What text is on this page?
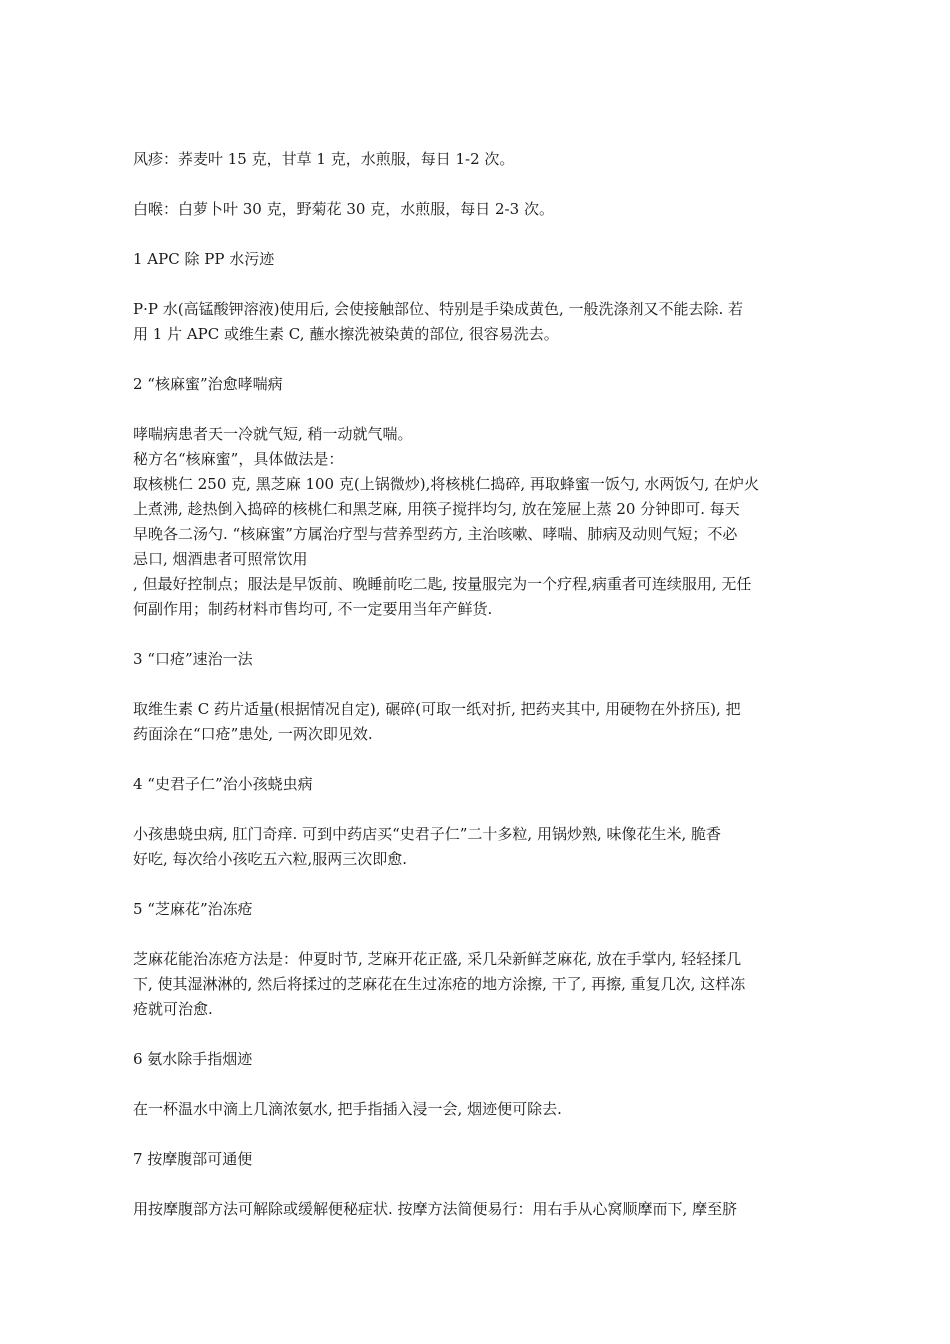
风疹：荞麦叶 15 克，甘草 1 克，水煎服，每日 1-2 次。
白喉：白萝卜叶 30 克，野菊花 30 克，水煎服，每日 2-3 次。
1 APC 除 PP 水污迹
P·P 水(高锰酸钾溶液)使用后, 会使接触部位、特别是手染成黄色, 一般洗涤剂又不能去除. 若
用 1 片 APC 或维生素 C, 蘸水擦洗被染黄的部位, 很容易洗去。
2 “核麻蜜”治愈哮喘病
哮喘病患者天一冷就气短, 稍一动就气喘。
秘方名“核麻蜜”，具体做法是：
取核桃仁 250 克, 黑芝麻 100 克(上锅微炒),将核桃仁捣碎, 再取蜂蜜一饭勺, 水两饭勺, 在炉火
上煮沸, 趁热倒入捣碎的核桃仁和黑芝麻, 用筷子搅拌均匀, 放在笼屉上蒸 20 分钟即可. 每天
早晚各二汤勺. “核麻蜜”方属治疗型与营养型药方, 主治咳嗽、哮喘、肺病及动则气短；不必
忌口, 烟酒患者可照常饮用
, 但最好控制点；服法是早饭前、晚睡前吃二匙, 按量服完为一个疗程,病重者可连续服用, 无任
何副作用；制药材料市售均可, 不一定要用当年产鲜货.
3 “口疮”速治一法
取维生素 C 药片适量(根据情况自定), 碾碎(可取一纸对折, 把药夹其中, 用硬物在外挤压), 把
药面涂在“口疮”患处, 一两次即见效.
4 “史君子仁”治小孩蛲虫病
小孩患蛲虫病, 肛门奇痒. 可到中药店买“史君子仁”二十多粒, 用锅炒熟, 味像花生米, 脆香
好吃, 每次给小孩吃五六粒,服两三次即愈.
5 “芝麻花”治冻疮
芝麻花能治冻疮方法是：仲夏时节, 芝麻开花正盛, 采几朵新鲜芝麻花, 放在手掌内, 轻轻揉几
下, 使其湿淋淋的, 然后将揉过的芝麻花在生过冻疮的地方涂擦, 干了, 再擦, 重复几次, 这样冻
疮就可治愈.
6 氨水除手指烟迹
在一杯温水中滴上几滴浓氨水, 把手指插入浸一会, 烟迹便可除去.
7 按摩腹部可通便
用按摩腹部方法可解除或缓解便秘症状. 按摩方法简便易行：用右手从心窝顺摩而下, 摩至脐
